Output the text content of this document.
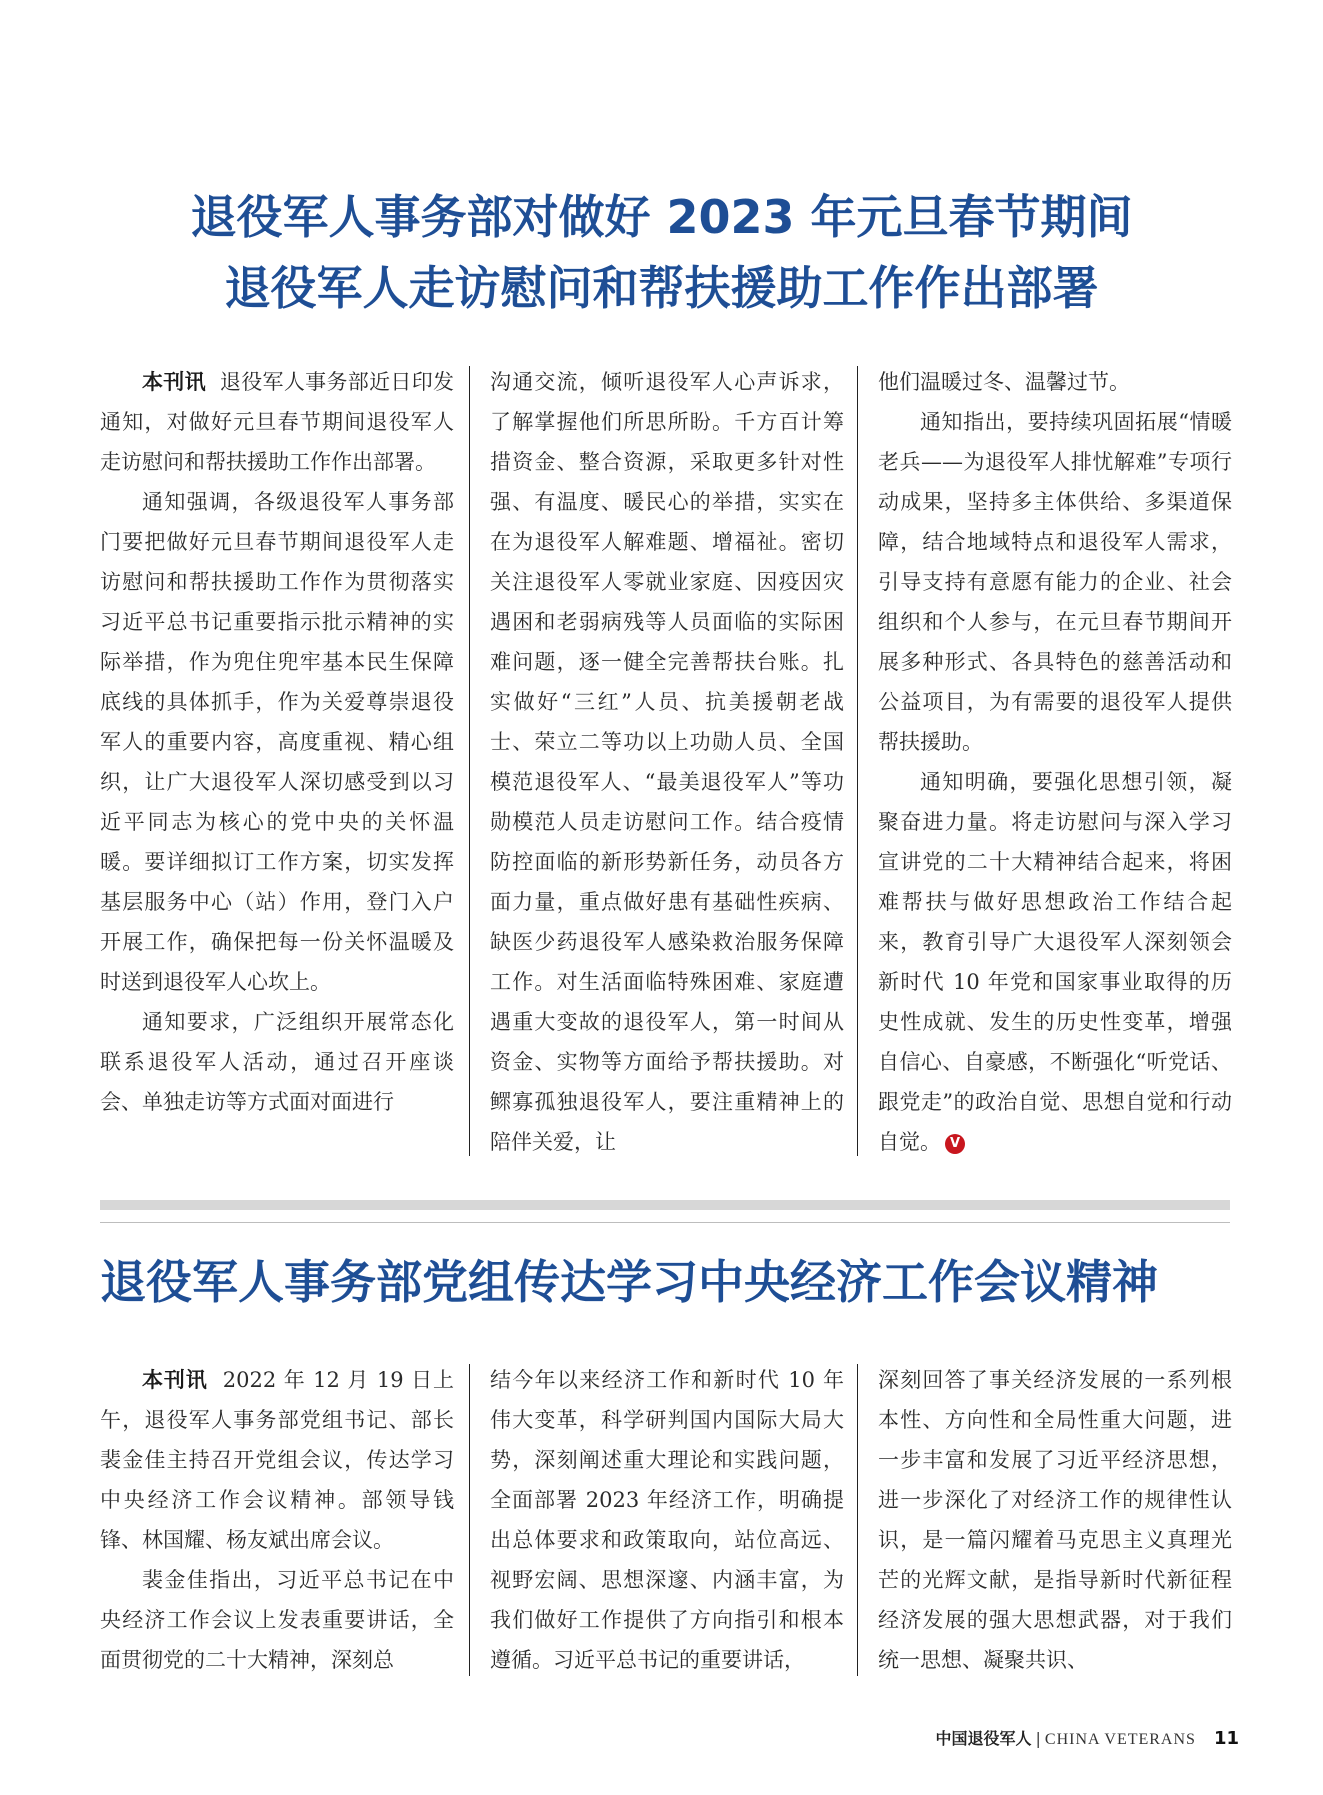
退役军人事务部对做好 2023 年元旦春节期间
退役军人走访慰问和帮扶援助工作作出部署

本刊讯 退役军人事务部近日印发通知，对做好元旦春节期间退役军人走访慰问和帮扶援助工作作出部署。

通知强调，各级退役军人事务部门要把做好元旦春节期间退役军人走访慰问和帮扶援助工作作为贯彻落实习近平总书记重要指示批示精神的实际举措，作为兜住兜牢基本民生保障底线的具体抓手，作为关爱尊崇退役军人的重要内容，高度重视、精心组织，让广大退役军人深切感受到以习近平同志为核心的党中央的关怀温暖。要详细拟订工作方案，切实发挥基层服务中心（站）作用，登门入户开展工作，确保把每一份关怀温暖及时送到退役军人心坎上。

通知要求，广泛组织开展常态化联系退役军人活动，通过召开座谈会、单独走访等方式面对面进行

沟通交流，倾听退役军人心声诉求，了解掌握他们所思所盼。千方百计筹措资金、整合资源，采取更多针对性强、有温度、暖民心的举措，实实在在为退役军人解难题、增福祉。密切关注退役军人零就业家庭、因疫因灾遇困和老弱病残等人员面临的实际困难问题，逐一健全完善帮扶台账。扎实做好“三红”人员、抗美援朝老战士、荣立二等功以上功勋人员、全国模范退役军人、“最美退役军人”等功勋模范人员走访慰问工作。结合疫情防控面临的新形势新任务，动员各方面力量，重点做好患有基础性疾病、缺医少药退役军人感染救治服务保障工作。对生活面临特殊困难、家庭遭遇重大变故的退役军人，第一时间从资金、实物等方面给予帮扶援助。对鳏寡孤独退役军人，要注重精神上的陪伴关爱，让

他们温暖过冬、温馨过节。

通知指出，要持续巩固拓展“情暖老兵——为退役军人排忧解难”专项行动成果，坚持多主体供给、多渠道保障，结合地域特点和退役军人需求，引导支持有意愿有能力的企业、社会组织和个人参与，在元旦春节期间开展多种形式、各具特色的慈善活动和公益项目，为有需要的退役军人提供帮扶援助。

通知明确，要强化思想引领，凝聚奋进力量。将走访慰问与深入学习宣讲党的二十大精神结合起来，将困难帮扶与做好思想政治工作结合起来，教育引导广大退役军人深刻领会新时代 10 年党和国家事业取得的历史性成就、发生的历史性变革，增强自信心、自豪感，不断强化“听党话、跟党走”的政治自觉、思想自觉和行动自觉。 V

退役军人事务部党组传达学习中央经济工作会议精神

本刊讯 2022 年 12 月 19 日上午，退役军人事务部党组书记、部长裴金佳主持召开党组会议，传达学习中央经济工作会议精神。部领导钱锋、林国耀、杨友斌出席会议。

裴金佳指出，习近平总书记在中央经济工作会议上发表重要讲话，全面贯彻党的二十大精神，深刻总

结今年以来经济工作和新时代 10 年伟大变革，科学研判国内国际大局大势，深刻阐述重大理论和实践问题，全面部署 2023 年经济工作，明确提出总体要求和政策取向，站位高远、视野宏阔、思想深邃、内涵丰富，为我们做好工作提供了方向指引和根本遵循。习近平总书记的重要讲话，

深刻回答了事关经济发展的一系列根本性、方向性和全局性重大问题，进一步丰富和发展了习近平经济思想，进一步深化了对经济工作的规律性认识，是一篇闪耀着马克思主义真理光芒的光辉文献，是指导新时代新征程经济发展的强大思想武器，对于我们统一思想、凝聚共识、

中国退役军人 | CHINA VETERANS 11
